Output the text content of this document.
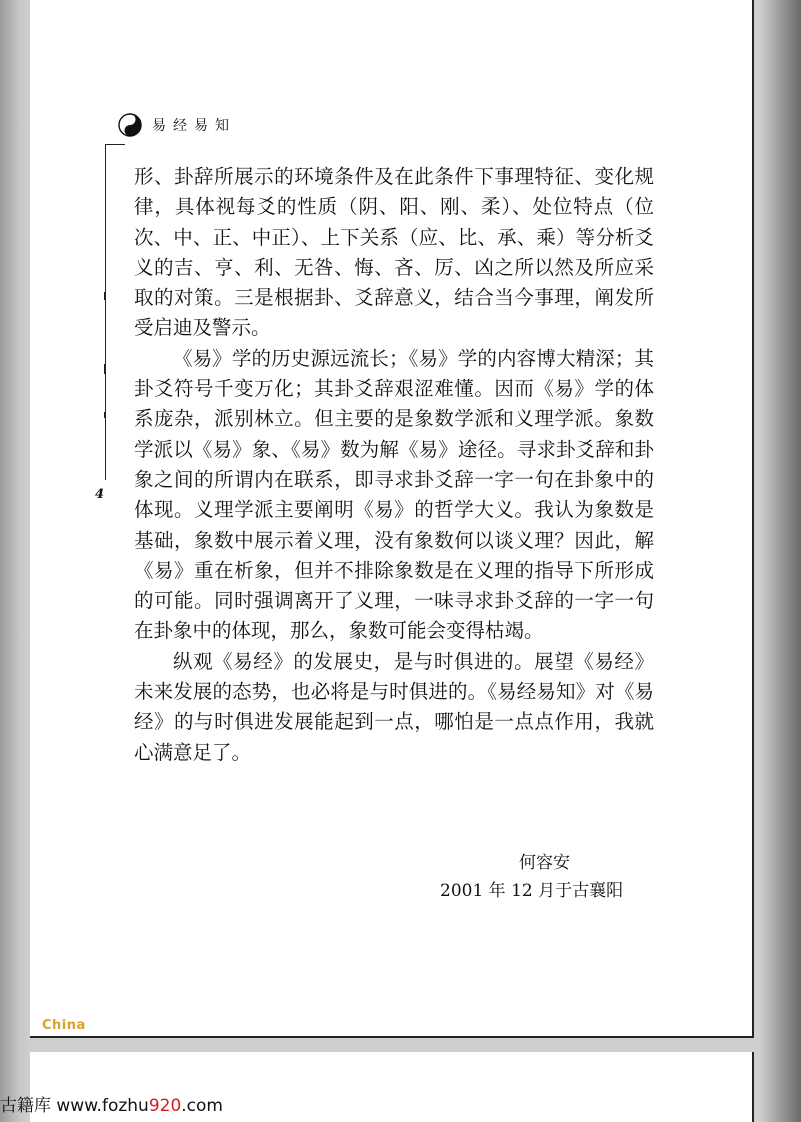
易经易知
4

形、卦辞所展示的环境条件及在此条件下事理特征、变化规律，具体视每爻的性质（阴、阳、刚、柔）、处位特点（位次、中、正、中正）、上下关系（应、比、承、乘）等分析爻义的吉、亨、利、无咎、悔、吝、厉、凶之所以然及所应采取的对策。三是根据卦、爻辞意义，结合当今事理，阐发所受启迪及警示。

《易》学的历史源远流长；《易》学的内容博大精深；其卦爻符号千变万化；其卦爻辞艰涩难懂。因而《易》学的体系庞杂，派别林立。但主要的是象数学派和义理学派。象数学派以《易》象、《易》数为解《易》途径。寻求卦爻辞和卦象之间的所谓内在联系，即寻求卦爻辞一字一句在卦象中的体现。义理学派主要阐明《易》的哲学大义。我认为象数是基础，象数中展示着义理，没有象数何以谈义理？因此，解《易》重在析象，但并不排除象数是在义理的指导下所形成的可能。同时强调离开了义理，一味寻求卦爻辞的一字一句在卦象中的体现，那么，象数可能会变得枯竭。

纵观《易经》的发展史，是与时俱进的。展望《易经》未来发展的态势，也必将是与时俱进的。《易经易知》对《易经》的与时俱进发展能起到一点，哪怕是一点点作用，我就心满意足了。

何容安
2001 年 12 月于古襄阳
China
古籍库 www.fozhu920.com
